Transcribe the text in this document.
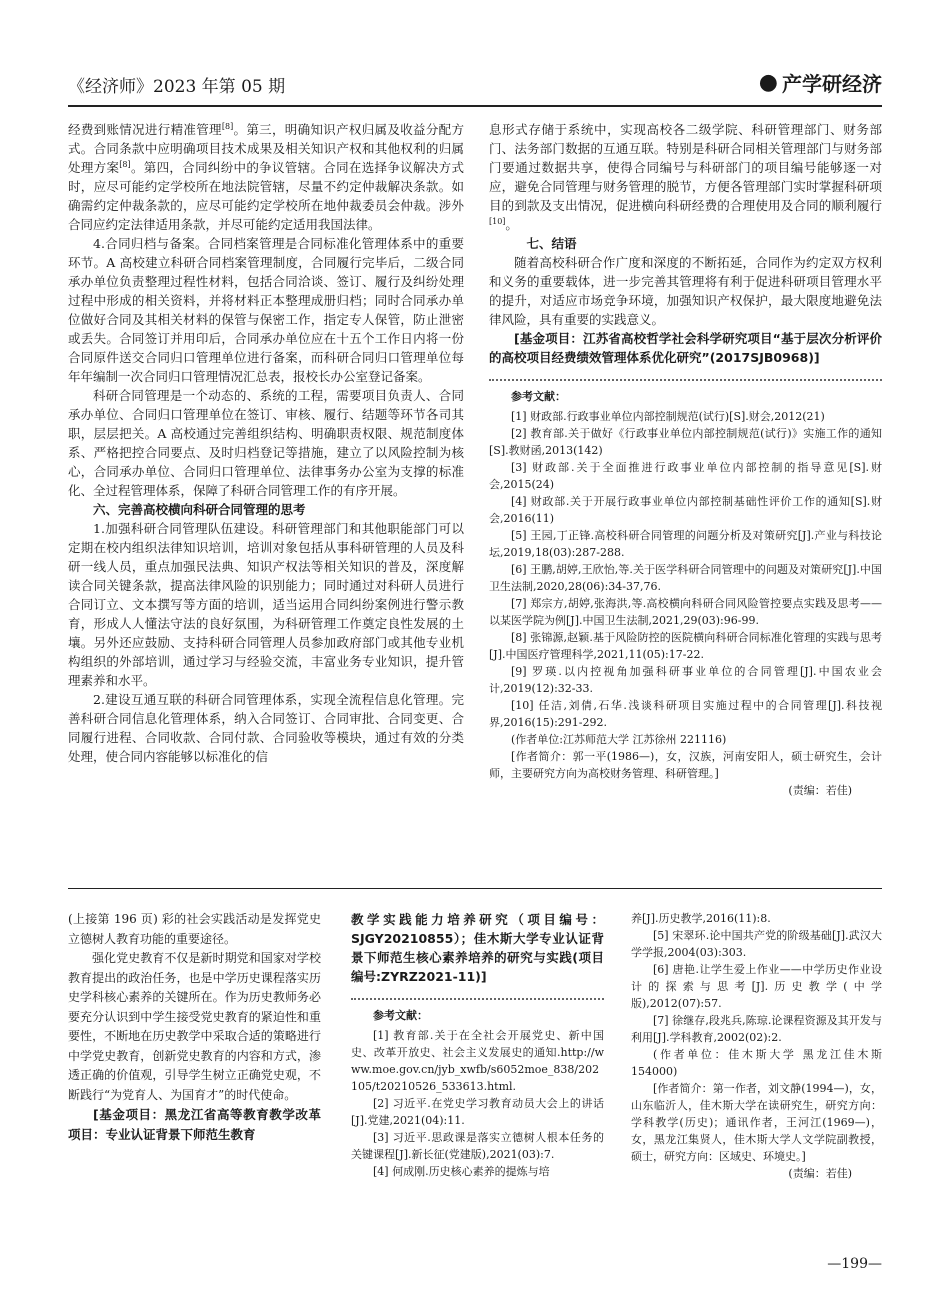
《经济师》2023 年第 05 期	● 产学研经济

经费到账情况进行精准管理[8]。第三，明确知识产权归属及收益分配方式。合同条款中应明确项目技术成果及相关知识产权和其他权利的归属处理方案[8]。第四，合同纠纷中的争议管辖。合同在选择争议解决方式时，应尽可能约定学校所在地法院管辖，尽量不约定仲裁解决条款。如确需约定仲裁条款的，应尽可能约定学校所在地仲裁委员会仲裁。涉外合同应约定法律适用条款，并尽可能约定适用我国法律。

4.合同归档与备案。合同档案管理是合同标准化管理体系中的重要环节。A 高校建立科研合同档案管理制度，合同履行完毕后，二级合同承办单位负责整理过程性材料，包括合同洽谈、签订、履行及纠纷处理过程中形成的相关资料，并将材料正本整理成册归档；同时合同承办单位做好合同及其相关材料的保管与保密工作，指定专人保管，防止泄密或丢失。合同签订并用印后，合同承办单位应在十五个工作日内将一份合同原件送交合同归口管理单位进行备案，而科研合同归口管理单位每年年编制一次合同归口管理情况汇总表，报校长办公室登记备案。

科研合同管理是一个动态的、系统的工程，需要项目负责人、合同承办单位、合同归口管理单位在签订、审核、履行、结题等环节各司其职，层层把关。A 高校通过完善组织结构、明确职责权限、规范制度体系、严格把控合同要点、及时归档登记等措施，建立了以风险控制为核心，合同承办单位、合同归口管理单位、法律事务办公室为支撑的标准化、全过程管理体系，保障了科研合同管理工作的有序开展。

六、完善高校横向科研合同管理的思考

1.加强科研合同管理队伍建设。科研管理部门和其他职能部门可以定期在校内组织法律知识培训，培训对象包括从事科研管理的人员及科研一线人员，重点加强民法典、知识产权法等相关知识的普及，深度解读合同关键条款，提高法律风险的识别能力；同时通过对科研人员进行合同订立、文本撰写等方面的培训，适当运用合同纠纷案例进行警示教育，形成人人懂法守法的良好氛围，为科研管理工作奠定良性发展的土壤。另外还应鼓励、支持科研合同管理人员参加政府部门或其他专业机构组织的外部培训，通过学习与经验交流，丰富业务专业知识，提升管理素养和水平。

2.建设互通互联的科研合同管理体系，实现全流程信息化管理。完善科研合同信息化管理体系，纳入合同签订、合同审批、合同变更、合同履行进程、合同收款、合同付款、合同验收等模块，通过有效的分类处理，使合同内容能够以标准化的信

息形式存储于系统中，实现高校各二级学院、科研管理部门、财务部门、法务部门数据的互通互联。特别是科研合同相关管理部门与财务部门要通过数据共享，使得合同编号与科研部门的项目编号能够逐一对应，避免合同管理与财务管理的脱节，方便各管理部门实时掌握科研项目的到款及支出情况，促进横向科研经费的合理使用及合同的顺利履行[10]。

七、结语

随着高校科研合作广度和深度的不断拓延，合同作为约定双方权利和义务的重要载体，进一步完善其管理将有利于促进科研项目管理水平的提升，对适应市场竞争环境，加强知识产权保护，最大限度地避免法律风险，具有重要的实践意义。

[基金项目：江苏省高校哲学社会科学研究项目“基于层次分析评价的高校项目经费绩效管理体系优化研究”(2017SJB0968)]

参考文献：

[1] 财政部.行政事业单位内部控制规范(试行)[S].财会,2012(21)

[2] 教育部.关于做好《行政事业单位内部控制规范(试行)》实施工作的通知[S].教财函,2013(142)

[3] 财政部.关于全面推进行政事业单位内部控制的指导意见[S].财会,2015(24)

[4] 财政部.关于开展行政事业单位内部控制基础性评价工作的通知[S].财会,2016(11)

[5] 王园,丁正锋.高校科研合同管理的问题分析及对策研究[J].产业与科技论坛,2019,18(03):287-288.

[6] 王鹏,胡婷,王欣怡,等.关于医学科研合同管理中的问题及对策研究[J].中国卫生法制,2020,28(06):34-37,76.

[7] 郑宗方,胡婷,张海洪,等.高校横向科研合同风险管控要点实践及思考——以某医学院为例[J].中国卫生法制,2021,29(03):96-99.

[8] 张锦源,赵颖.基于风险防控的医院横向科研合同标准化管理的实践与思考[J].中国医疗管理科学,2021,11(05):17-22.

[9] 罗瑛.以内控视角加强科研事业单位的合同管理[J].中国农业会计,2019(12):32-33.

[10] 任洁,刘倩,石华.浅谈科研项目实施过程中的合同管理[J].科技视界,2016(15):291-292.

(作者单位:江苏师范大学 江苏徐州 221116)

[作者简介：郭一平(1986—)，女，汉族，河南安阳人，硕士研究生，会计师，主要研究方向为高校财务管理、科研管理。]

(责编：若佳)

(上接第 196 页) 彩的社会实践活动是发挥党史立德树人教育功能的重要途径。

强化党史教育不仅是新时期党和国家对学校教育提出的政治任务，也是中学历史课程落实历史学科核心素养的关键所在。作为历史教师务必要充分认识到中学生接受党史教育的紧迫性和重要性，不断地在历史教学中采取合适的策略进行中学党史教育，创新党史教育的内容和方式，渗透正确的价值观，引导学生树立正确党史观，不断践行“为党育人、为国育才”的时代使命。

[基金项目：黑龙江省高等教育教学改革项目：专业认证背景下师范生教育

教学实践能力培养研究（项目编号：SJGY20210855）；佳木斯大学专业认证背景下师范生核心素养培养的研究与实践(项目编号:ZYRZ2021-11)]

参考文献：

[1] 教育部.关于在全社会开展党史、新中国史、改革开放史、社会主义发展史的通知.http://www.moe.gov.cn/jyb_xwfb/s6052moe_838/202105/t20210526_533613.html.

[2] 习近平.在党史学习教育动员大会上的讲话[J].党建,2021(04):11.

[3] 习近平.思政课是落实立德树人根本任务的关键课程[J].新长征(党建版),2021(03):7.

[4] 何成刚.历史核心素养的提炼与培

养[J].历史教学,2016(11):8.

[5] 宋翠环.论中国共产党的阶级基础[J].武汉大学学报,2004(03):303.

[6] 唐艳.让学生爱上作业——中学历史作业设计的探索与思考[J].历史教学(中学版),2012(07):57.

[7] 徐继存,段兆兵,陈琼.论课程资源及其开发与利用[J].学科教育,2002(02):2.

(作者单位：佳木斯大学 黑龙江佳木斯 154000)

[作者简介：第一作者，刘文静(1994—)，女，山东临沂人，佳木斯大学在读研究生，研究方向：学科教学(历史)；通讯作者，王河江(1969—)，女，黑龙江集贤人，佳木斯大学人文学院副教授，硕士，研究方向：区域史、环境史。]

(责编：若佳)
—199—
